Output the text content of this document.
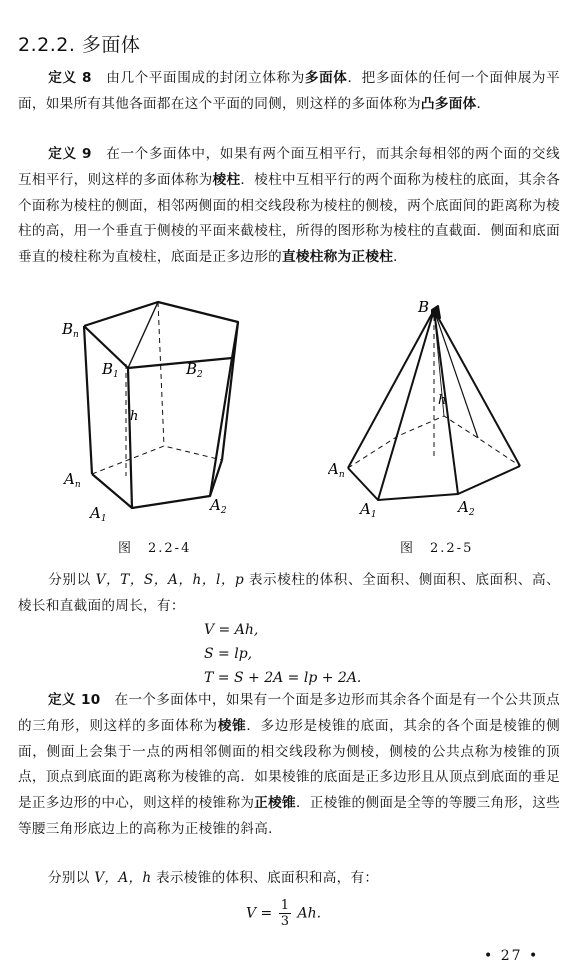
2.2.2. 多面体
定义 8　 由几个平面围成的封闭立体称为多面体．把多面体的任何一个面伸展为平面，如果所有其他各面都在这个平面的同侧，则这样的多面体称为凸多面体．
定义 9　 在一个多面体中，如果有两个面互相平行，而其余每相邻的两个面的交线互相平行，则这样的多面体称为棱柱．棱柱中互相平行的两个面称为棱柱的底面，其余各个面称为棱柱的侧面，相邻两侧面的相交线段称为棱柱的侧棱，两个底面间的距离称为棱柱的高，用一个垂直于侧棱的平面来截棱柱，所得的图形称为棱柱的直截面．侧面和底面垂直的棱柱称为直棱柱，底面是正多边形的直棱柱称为正棱柱．
$B_n$
$B_1$	$B_2$
h
$A_n$
$A_1$
$A_2$
图　2.2-4
B
h
$A_n$
$A_1$	$A_2$
图　2.2-5
分别以 V，T，S，A，h，l，p 表示棱柱的体积、全面积、侧面积、底面积、高、棱长和直截面的周长，有：
V = Ah,
S = lp,
T = S + 2A = lp + 2A.
定义 10　 在一个多面体中，如果有一个面是多边形而其余各个面是有一个公共顶点的三角形，则这样的多面体称为棱锥．多边形是棱锥的底面，其余的各个面是棱锥的侧面，侧面上会集于一点的两相邻侧面的相交线段称为侧棱，侧棱的公共点称为棱锥的顶点，顶点到底面的距离称为棱锥的高．如果棱锥的底面是正多边形且从顶点到底面的垂足是正多边形的中心，则这样的棱锥称为正棱锥．正棱锥的侧面是全等的等腰三角形，这些等腰三角形底边上的高称为正棱锥的斜高．
分别以 V，A，h 表示棱锥的体积、底面积和高，有：
$V = \frac{1}{3} Ah$.
• 27 •
